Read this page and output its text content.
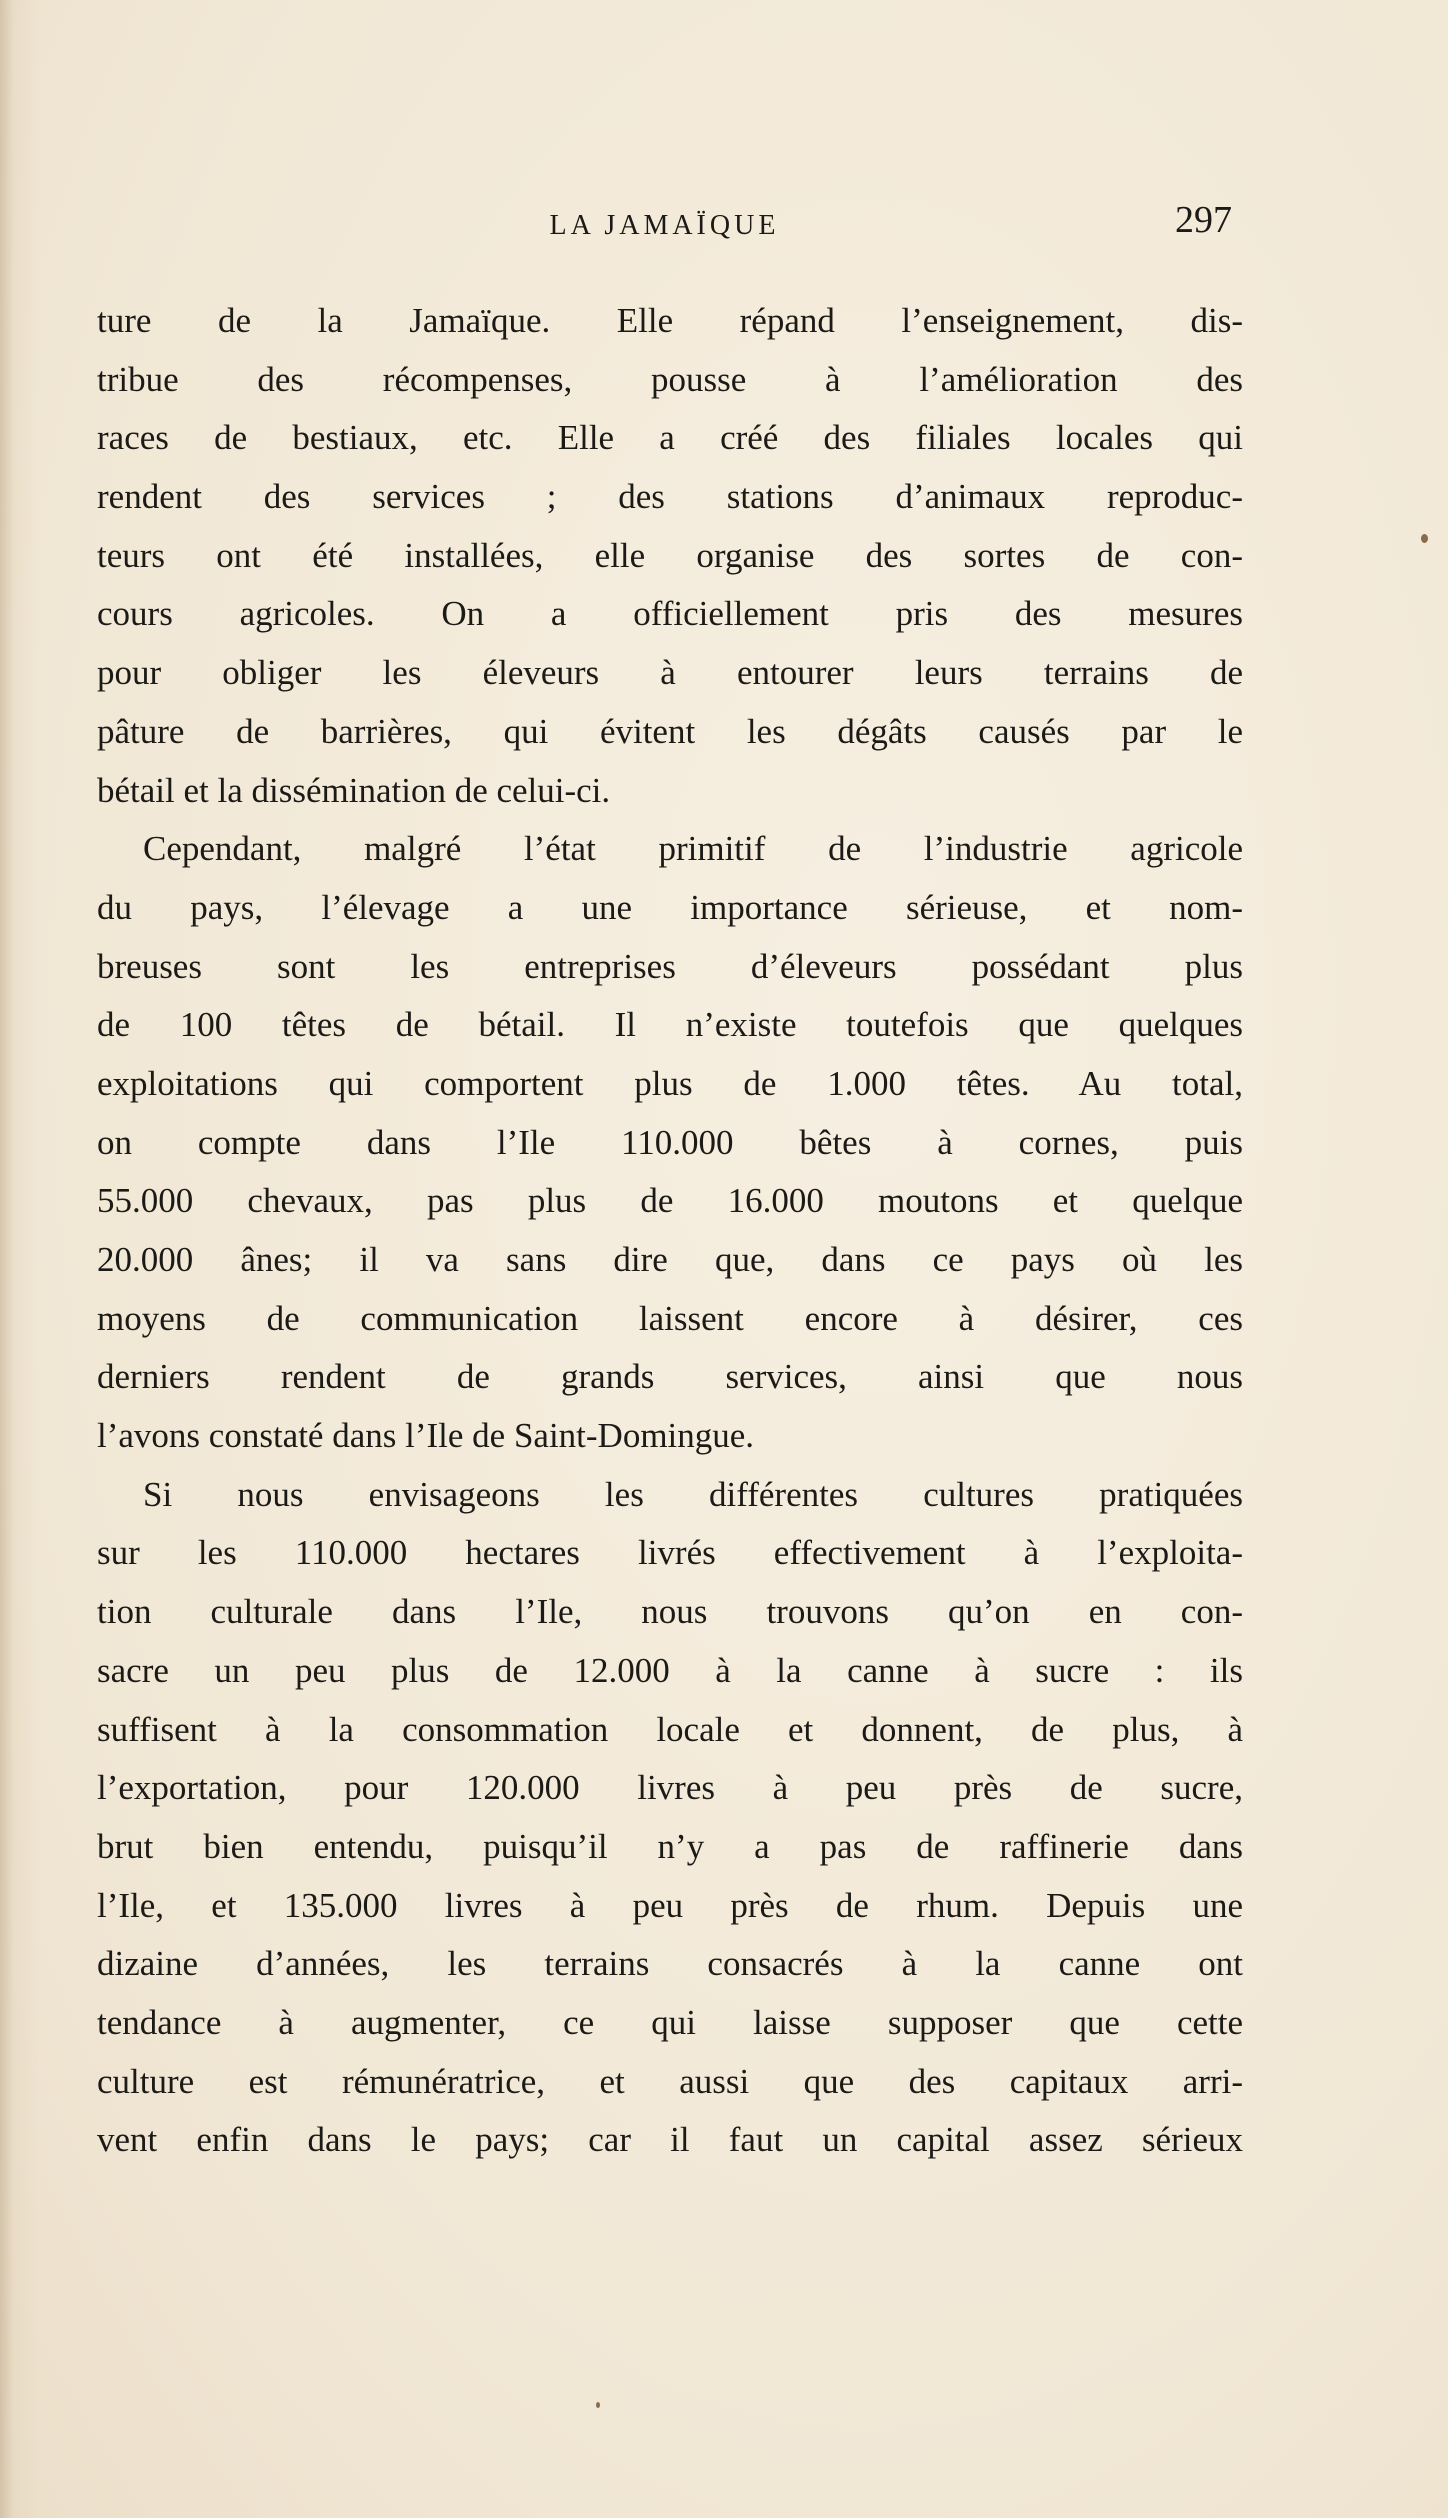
LA JAMAÏQUE	297
ture de la Jamaïque. Elle répand l’enseignement, dis-
tribue des récompenses, pousse à l’amélioration des
races de bestiaux, etc. Elle a créé des filiales locales qui
rendent des services ; des stations d’animaux reproduc-
teurs ont été installées, elle organise des sortes de con-
cours agricoles. On a officiellement pris des mesures
pour obliger les éleveurs à entourer leurs terrains de
pâture de barrières, qui évitent les dégâts causés par le
bétail et la dissémination de celui-ci.
Cependant, malgré l’état primitif de l’industrie agricole
du pays, l’élevage a une importance sérieuse, et nom-
breuses sont les entreprises d’éleveurs possédant plus
de 100 têtes de bétail. Il n’existe toutefois que quelques
exploitations qui comportent plus de 1.000 têtes. Au total,
on compte dans l’Ile 110.000 bêtes à cornes, puis
55.000 chevaux, pas plus de 16.000 moutons et quelque
20.000 ânes; il va sans dire que, dans ce pays où les
moyens de communication laissent encore à désirer, ces
derniers rendent de grands services, ainsi que nous
l’avons constaté dans l’Ile de Saint-Domingue.
Si nous envisageons les différentes cultures pratiquées
sur les 110.000 hectares livrés effectivement à l’exploita-
tion culturale dans l’Ile, nous trouvons qu’on en con-
sacre un peu plus de 12.000 à la canne à sucre : ils
suffisent à la consommation locale et donnent, de plus, à
l’exportation, pour 120.000 livres à peu près de sucre,
brut bien entendu, puisqu’il n’y a pas de raffinerie dans
l’Ile, et 135.000 livres à peu près de rhum. Depuis une
dizaine d’années, les terrains consacrés à la canne ont
tendance à augmenter, ce qui laisse supposer que cette
culture est rémunératrice, et aussi que des capitaux arri-
vent enfin dans le pays; car il faut un capital assez sérieux
